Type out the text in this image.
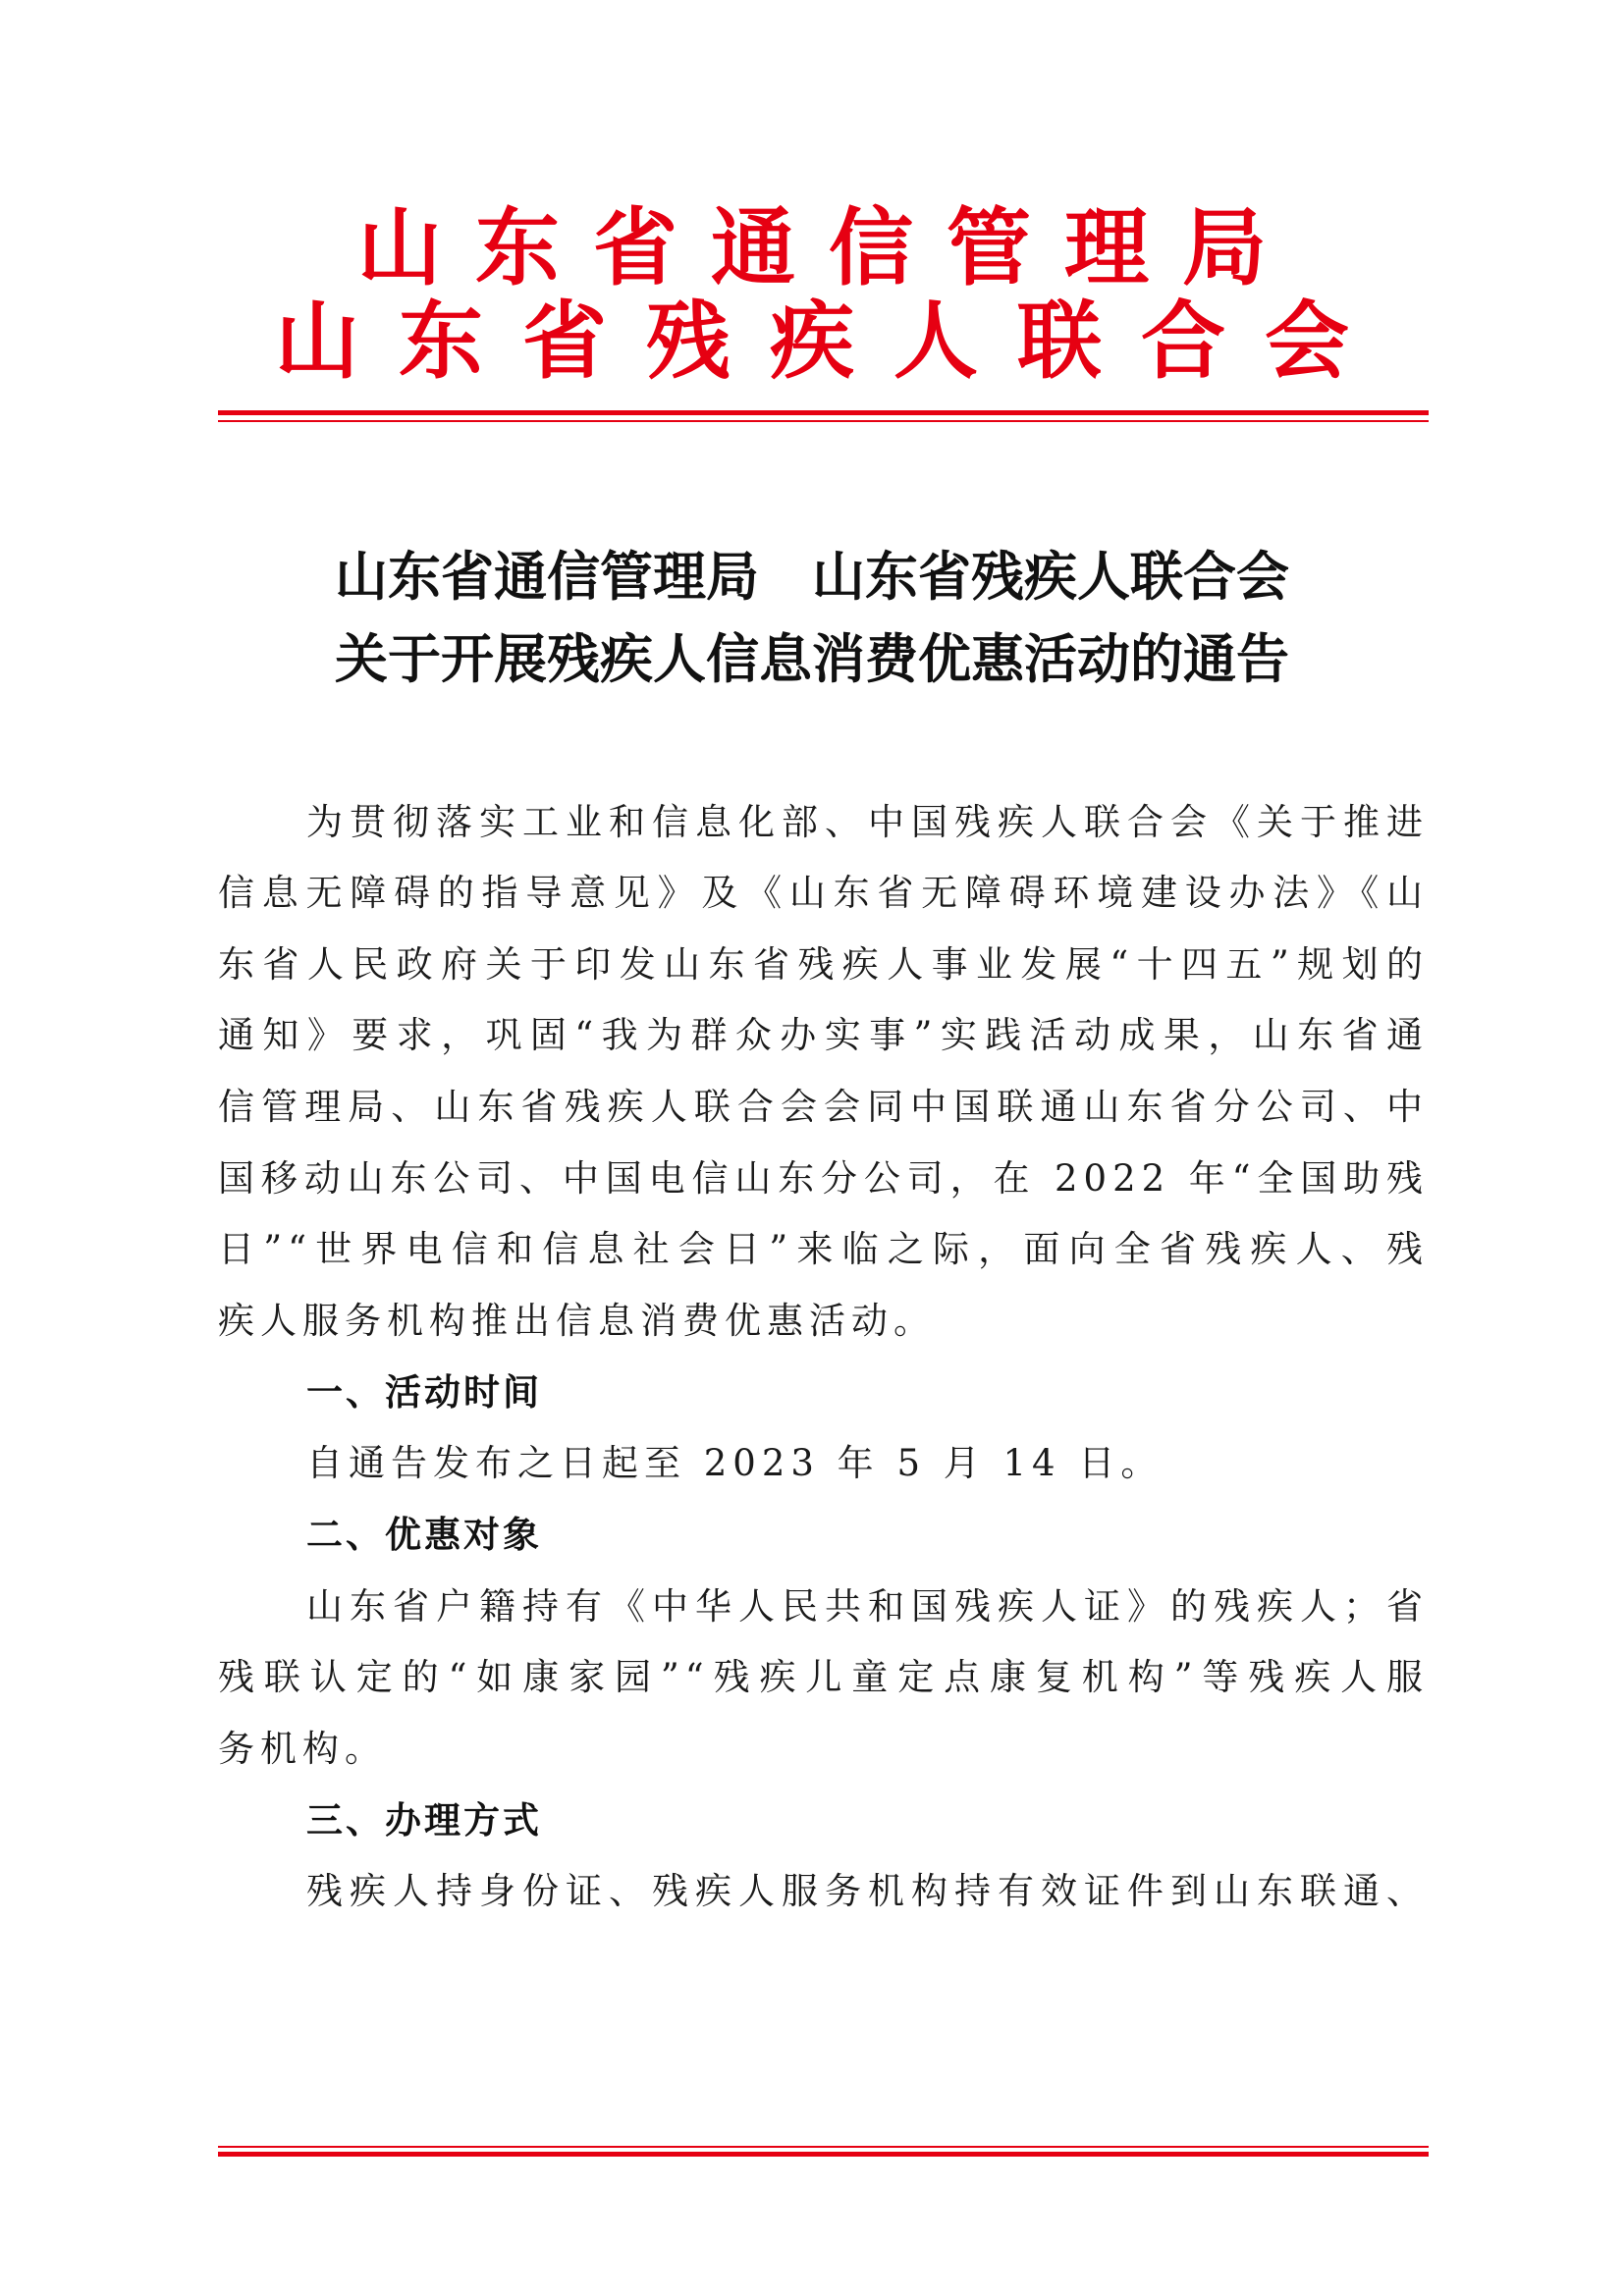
山东省通信管理局
山东省残疾人联合会
山东省通信管理局　山东省残疾人联合会
关于开展残疾人信息消费优惠活动的通告
为贯彻落实工业和信息化部、中国残疾人联合会《关于推进
信息无障碍的指导意见》及《山东省无障碍环境建设办法》《山
东省人民政府关于印发山东省残疾人事业发展“十四五”规划的
通知》要求，巩固“我为群众办实事”实践活动成果，山东省通
信管理局、山东省残疾人联合会会同中国联通山东省分公司、中
国移动山东公司、中国电信山东分公司，在 2022 年“全国助残
日”“世界电信和信息社会日”来临之际，面向全省残疾人、残
疾人服务机构推出信息消费优惠活动。
一、活动时间
自通告发布之日起至 2023 年 5 月 14 日。
二、优惠对象
山东省户籍持有《中华人民共和国残疾人证》的残疾人；省
残联认定的“如康家园”“残疾儿童定点康复机构”等残疾人服
务机构。
三、办理方式
残疾人持身份证、残疾人服务机构持有效证件到山东联通、
